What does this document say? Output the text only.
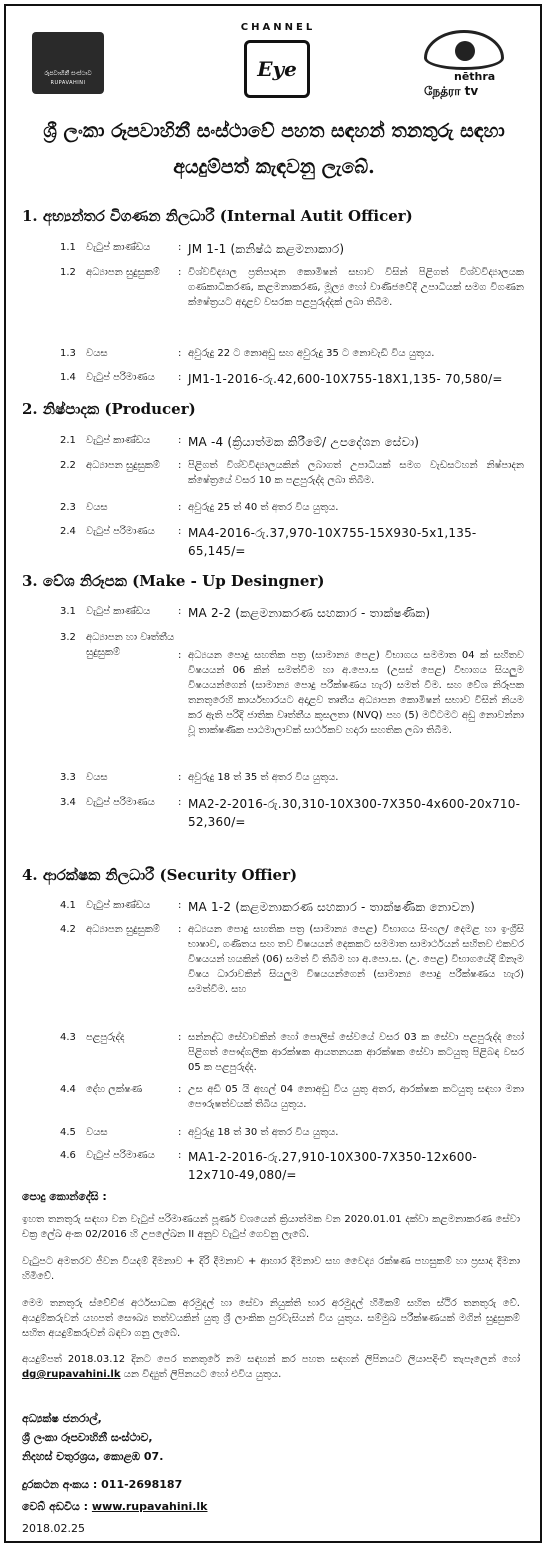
රූපවාහිනී සංස්ථාව
RUPAVAHINI
CHANNEL
Eye	nēthra
நேத்ரா tv
ශ්‍රී ලංකා රූපවාහිනී සංස්ථාවේ පහත සඳහන් තනතුරු සඳහා
අයදුම්පත් කැඳවනු ලැබේ.
1. අභ්‍යන්තර විගණන නිලධාරී (Internal Autit Officer)
1.1 වැටුප් කාණ්ඩය	: JM 1-1 (කනිෂ්ඨ කළමනාකාර)
1.2 අධ්‍යාපන සුදුසුකම්	: විශ්වවිද්‍යාල ප්‍රතිපාදන කොමිෂන් සභාව විසින් පිළිගත් විශ්වවිද්‍යාලයක ගණකාධිකරණ, කළමනාකරණ, මූල්‍ය හෝ වාණිජවේදී උපාධියක් සමග විගණන ක්ෂේත්‍රයට අදාළව වසරක පළපුරුද්දක් ලබා තිබීම.
1.3 වයස	: අවුරුදු 22 ට නොඅඩු සහ අවුරුදු 35 ට නොවැඩි විය යුතුය.
1.4 වැටුප් පරිමාණය	: JM1-1-2016-රු.42,600-10X755-18X1,135- 70,580/=
2. නිෂ්පාදක (Producer)
2.1 වැටුප් කාණ්ඩය	: MA -4 (ක්‍රියාත්මක කිරීමේ/ උපදේශන සේවා)
2.2 අධ්‍යාපන සුදුසුකම්	: පිළිගත් විශ්වවිද්‍යාලයකින් ලබාගත් උපාධියක් සමග වැඩසටහන් නිෂ්පාදන ක්ෂේත්‍රයේ වසර 10 ක පළපුරුද්ද ලබා තිබීම.
2.3 වයස	: අවුරුදු 25 ත් 40 ත් අතර විය යුතුය.
2.4 වැටුප් පරිමාණය	: MA4-2016-රු.37,970-10X755-15X930-5x1,135-65,145/=
3. වේශ නිරූපක (Make - Up Desingner)
3.1 වැටුප් කාණ්ඩය	: MA 2-2 (කළමනාකරණ සහකාර - තාක්ෂණික)
3.2 අධ්‍යාපන හා වෘත්තීය සුදුසුකම්	: අධ්‍යයන පොදු සහතික පත්‍ර (සාමාන්‍ය පෙළ) විභාගය සමමාත 04 ක් සහිතව විෂයයන් 06 කින් සමත්වීම හා අ.පො.ස (උසස් පෙළ) විභාගය සියලුම විෂයයන්ගෙන් (සාමාන්‍ය පොදු පරීක්ෂණය හැර) සමත් වීම. සහ වේශ නිරූපක තනතුරෙහි කාර්යභාරයට අදාළව තෘතීය අධ්‍යාපන කොමිෂන් සභාව විසින් නියම කර ඇති පරිදි ජාතික වෘත්තීය කුසලතා (NVQ) පහ (5) මට්ටමට අඩු නොවන්නා වූ තාක්ෂණික පාඨමාලාවක් සාර්ථකව හදාරා සහතික ලබා තිබීම.
3.3 වයස	: අවුරුදු 18 ත් 35 ත් අතර විය යුතුය.
3.4 වැටුප් පරිමාණය	: MA2-2-2016-රු.30,310-10X300-7X350-4x600-20x710-52,360/=
4. ආරක්ෂක නිලධාරී (Security Offier)
4.1 වැටුප් කාණ්ඩය	: MA 1-2 (කළමනාකරණ සහකාර - තාක්ෂණික නොවන)
4.2 අධ්‍යාපන සුදුසුකම්	: අධ්‍යයන පොදු සහතික පත්‍ර (සාමාන්‍ය පෙළ) විභාගය සිංහල/ දෙමළ හා ඉංග්‍රීසි භාෂාව, ගණිතය සහ තව විෂයයන් දෙකකට සමමාත සාමාර්ථයන් සහිතව එකවර විෂයයන් හයකින් (06) සමත් වී තිබීම හා අ.පො.ස. (උ. පෙළ) විභාගයේදී ඕනෑම විෂය ධාරාවකින් සියලුම විෂයයන්ගෙන් (සාමාන්‍ය පොදු පරීක්ෂණය හැර) සමත්වීම. සහ
4.3 පළපුරුද්ද	: සන්නද්ධ සේවාවකින් හෝ පොලිස් සේවයේ වසර 03 ක සේවා පළපුරුද්ද හෝ පිළිගත් පෞද්ගලික ආරක්ෂක ආයතනයක ආරක්ෂක සේවා කටයුතු පිළිබඳ වසර 05 ක පළපුරුද්ද.
4.4 දේහ ලක්ෂණ	: උස අඩි 05 යි අඟල් 04 නොඅඩු විය යුතු අතර, ආරක්ෂක කටයුතු සඳහා මනා පෞරුෂත්වයක් තිබිය යුතුය.
4.5 වයස	: අවුරුදු 18 ත් 30 ත් අතර විය යුතුය.
4.6 වැටුප් පරිමාණය	: MA1-2-2016-රු.27,910-10X300-7X350-12x600-12x710-49,080/=
පොදු කොන්දේසි :
ඉහත තනතුරු සඳහා වන වැටුප් පරිමාණයන් පූර්ණ වශයෙන් ක්‍රියාත්මක වන 2020.01.01 දක්වා කළමනාකරණ සේවා චක්‍ර ලේඛ අංක 02/2016 හි උපලේඛන II අනුව වැටුප් ගෙවනු ලැබේ.
වැටුපට අමතරව ජීවන වියදම් දීමනාව + දිරි දීමනාව + ආහාර දීමනාව සහ වෛද්‍ය රක්ෂණ පහසුකම් හා ප්‍රසාද දීමනා හිමිවේ.
මෙම තනතුරු ස්වේච්ඡ අර්ථසාධක අරමුදල් හා සේවා නියුක්ති භාර අරමුදල් හිමිකම් සහිත ස්ථිර තනතුරු වේ. අයදුම්කරුවන් යහපත් සෞඛ්‍ය තත්වයකින් යුතු ශ්‍රී ලාංකික පුරවැසියන් විය යුතුය. සම්මුඛ පරීක්ෂණයක් මගින් සුදුසුකම් සහිත අයදුම්කරුවන් බඳවා ගනු ලැබේ.
අයදුම්පත් 2018.03.12 දිනට පෙර තනතුරේ නම සඳහන් කර පහත සඳහන් ලිපිනයට ලියාපදිංචි තැපෑලෙන් හෝ dg@rupavahini.lk යන විද්‍යුත් ලිපිනයට හෝ එවිය යුතුය.
අධ්‍යක්ෂ ජනරාල්,
ශ්‍රී ලංකා රූපවාහිනී සංස්ථාව,
නිදහස් චතුරශ්‍රය, කොළඹ 07.
දුරකථන අංකය : 011-2698187
වෙබ් අඩවිය : www.rupavahini.lk
2018.02.25
